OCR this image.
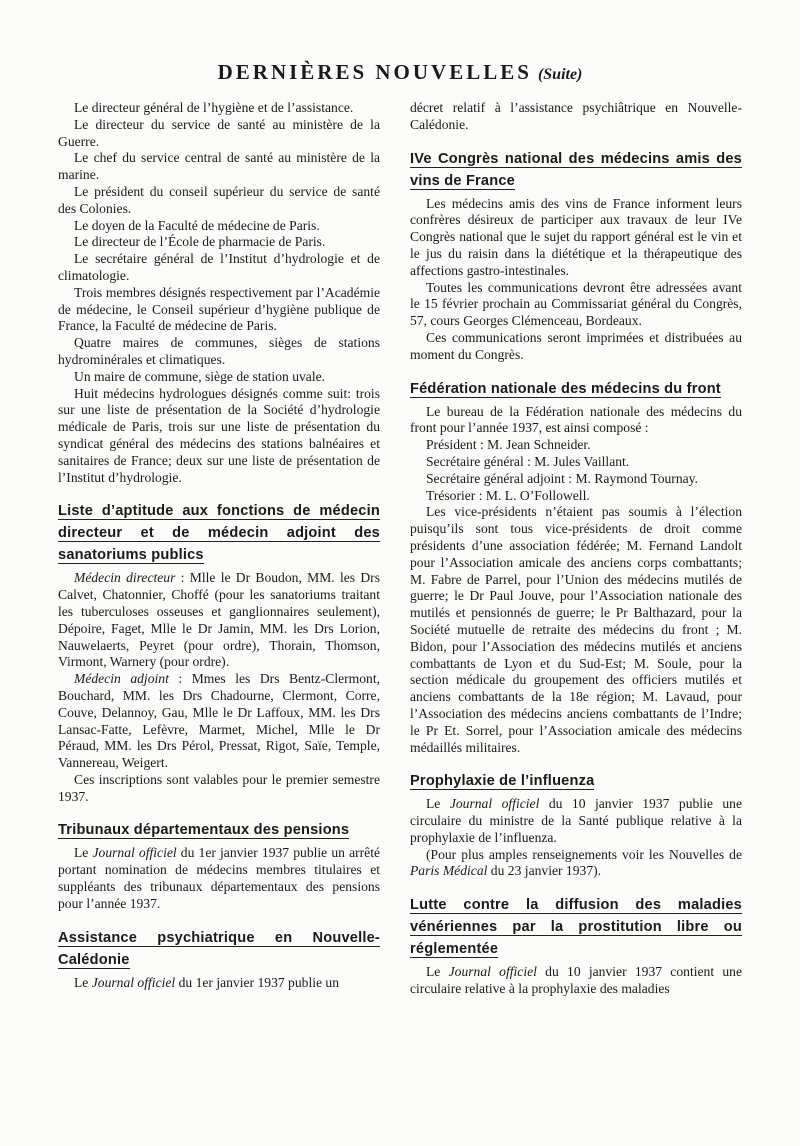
DERNIÈRES NOUVELLES (Suite)

Le directeur général de l’hygiène et de l’assistance.

Le directeur du service de santé au ministère de la Guerre.

Le chef du service central de santé au ministère de la marine.

Le président du conseil supérieur du service de santé des Colonies.

Le doyen de la Faculté de médecine de Paris.

Le directeur de l’École de pharmacie de Paris.

Le secrétaire général de l’Institut d’hydrologie et de climatologie.

Trois membres désignés respectivement par l’Académie de médecine, le Conseil supérieur d’hygiène publique de France, la Faculté de médecine de Paris.

Quatre maires de communes, sièges de stations hydrominérales et climatiques.

Un maire de commune, siège de station uvale.

Huit médecins hydrologues désignés comme suit: trois sur une liste de présentation de la Société d’hydrologie médicale de Paris, trois sur une liste de présentation du syndicat général des médecins des stations balnéaires et sanitaires de France; deux sur une liste de présentation de l’Institut d’hydrologie.

Liste d’aptitude aux fonctions de médecin directeur et de médecin adjoint des sanatoriums publics

Médecin directeur : Mlle le Dr Boudon, MM. les Drs Calvet, Chatonnier, Choffé (pour les sanatoriums traitant les tuberculoses osseuses et ganglionnaires seulement), Dépoire, Faget, Mlle le Dr Jamin, MM. les Drs Lorion, Nauwelaerts, Peyret (pour ordre), Thorain, Thomson, Virmont, Warnery (pour ordre).

Médecin adjoint : Mmes les Drs Bentz-Clermont, Bouchard, MM. les Drs Chadourne, Clermont, Corre, Couve, Delannoy, Gau, Mlle le Dr Laffoux, MM. les Drs Lansac-Fatte, Lefèvre, Marmet, Michel, Mlle le Dr Péraud, MM. les Drs Pérol, Pressat, Rigot, Saïe, Temple, Vannereau, Weigert.

Ces inscriptions sont valables pour le premier semestre 1937.

Tribunaux départementaux des pensions

Le Journal officiel du 1er janvier 1937 publie un arrêté portant nomination de médecins membres titulaires et suppléants des tribunaux départementaux des pensions pour l’année 1937.

Assistance psychiatrique en Nouvelle-Calédonie

Le Journal officiel du 1er janvier 1937 publie un

décret relatif à l’assistance psychiâtrique en Nouvelle-Calédonie.

IVe Congrès national des médecins amis des vins de France

Les médecins amis des vins de France informent leurs confrères désireux de participer aux travaux de leur IVe Congrès national que le sujet du rapport général est le vin et le jus du raisin dans la diététique et la thérapeutique des affections gastro-intestinales.

Toutes les communications devront être adressées avant le 15 février prochain au Commissariat général du Congrès, 57, cours Georges Clémenceau, Bordeaux.

Ces communications seront imprimées et distribuées au moment du Congrès.

Fédération nationale des médecins du front

Le bureau de la Fédération nationale des médecins du front pour l’année 1937, est ainsi composé :

Président : M. Jean Schneider.

Secrétaire général : M. Jules Vaillant.

Secrétaire général adjoint : M. Raymond Tournay.

Trésorier : M. L. O’Followell.

Les vice-présidents n’étaient pas soumis à l’élection puisqu’ils sont tous vice-présidents de droit comme présidents d’une association fédérée; M. Fernand Landolt pour l’Association amicale des anciens corps combattants; M. Fabre de Parrel, pour l’Union des médecins mutilés de guerre; le Dr Paul Jouve, pour l’Association nationale des mutilés et pensionnés de guerre; le Pr Balthazard, pour la Société mutuelle de retraite des médecins du front ; M. Bidon, pour l’Association des médecins mutilés et anciens combattants de Lyon et du Sud-Est; M. Soule, pour la section médicale du groupement des officiers mutilés et anciens combattants de la 18e région; M. Lavaud, pour l’Association des médecins anciens combattants de l’Indre; le Pr Et. Sorrel, pour l’Association amicale des médecins médaillés militaires.

Prophylaxie de l’influenza

Le Journal officiel du 10 janvier 1937 publie une circulaire du ministre de la Santé publique relative à la prophylaxie de l’influenza.

(Pour plus amples renseignements voir les Nouvelles de Paris Médical du 23 janvier 1937).

Lutte contre la diffusion des maladies vénériennes par la prostitution libre ou réglementée

Le Journal officiel du 10 janvier 1937 contient une circulaire relative à la prophylaxie des maladies
